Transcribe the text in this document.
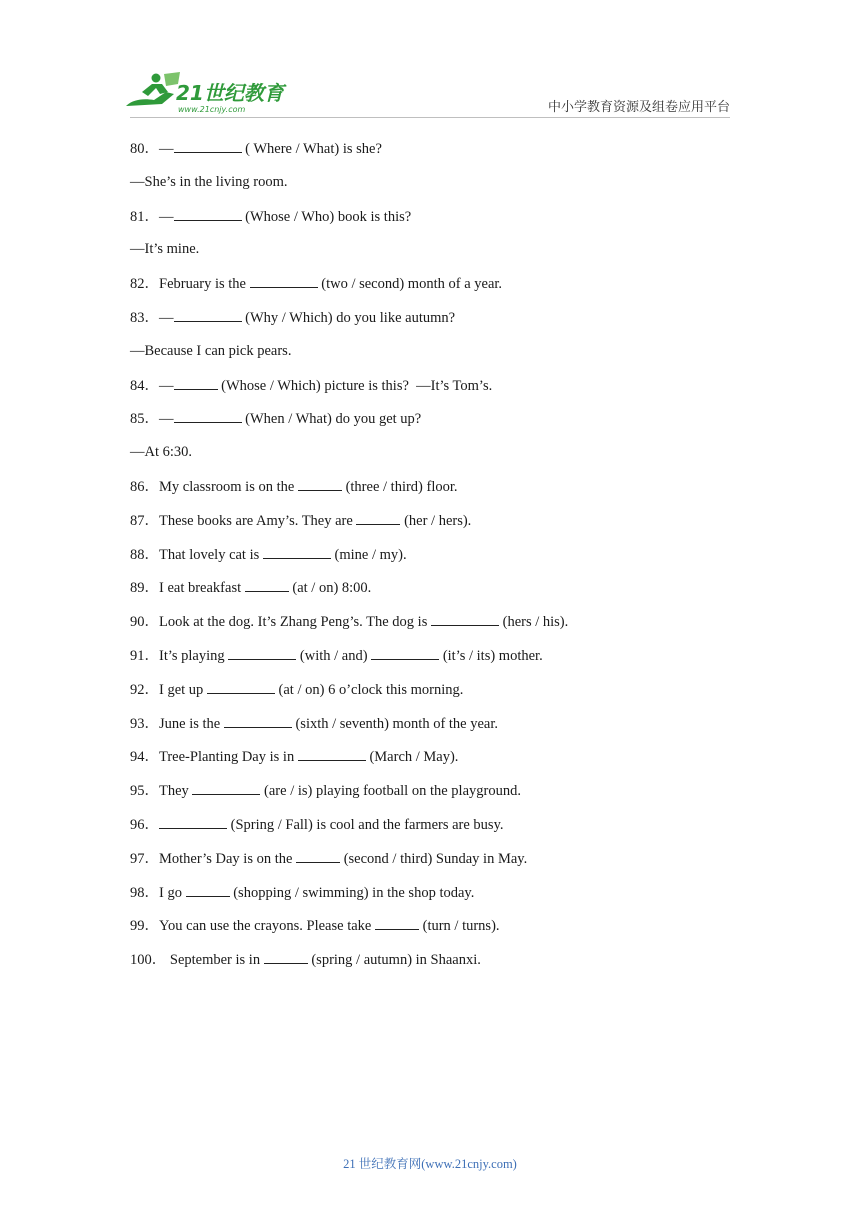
21世纪教育
www.21cnjy.com	中小学教育资源及组卷应用平台
80．—	( Where / What) is she?
—She’s in the living room.
81．—	(Whose / Who) book is this?
—It’s mine.
82．February is the	(two / second) month of a year.
83．—	(Why / Which) do you like autumn?
—Because I can pick pears.
84．—	(Whose / Which) picture is this?  —It’s Tom’s.
85．—	(When / What) do you get up?
—At 6:30.
86．My classroom is on the	(three / third) floor.
87．These books are Amy’s. They are	(her / hers).
88．That lovely cat is	(mine / my).
89．I eat breakfast	(at / on) 8:00.
90．Look at the dog. It’s Zhang Peng’s. The dog is	(hers / his).
91．It’s playing	(with / and)	(it’s / its) mother.
92．I get up	(at / on) 6 o’clock this morning.
93．June is the	(sixth / seventh) month of the year.
94．Tree-Planting Day is in	(March / May).
95．They	(are / is) playing football on the playground.
96．	(Spring / Fall) is cool and the farmers are busy.
97．Mother’s Day is on the	(second / third) Sunday in May.
98．I go	(shopping / swimming) in the shop today.
99．You can use the crayons. Please take	(turn / turns).
100． September is in	(spring / autumn) in Shaanxi.
21 世纪教育网(www.21cnjy.com)
